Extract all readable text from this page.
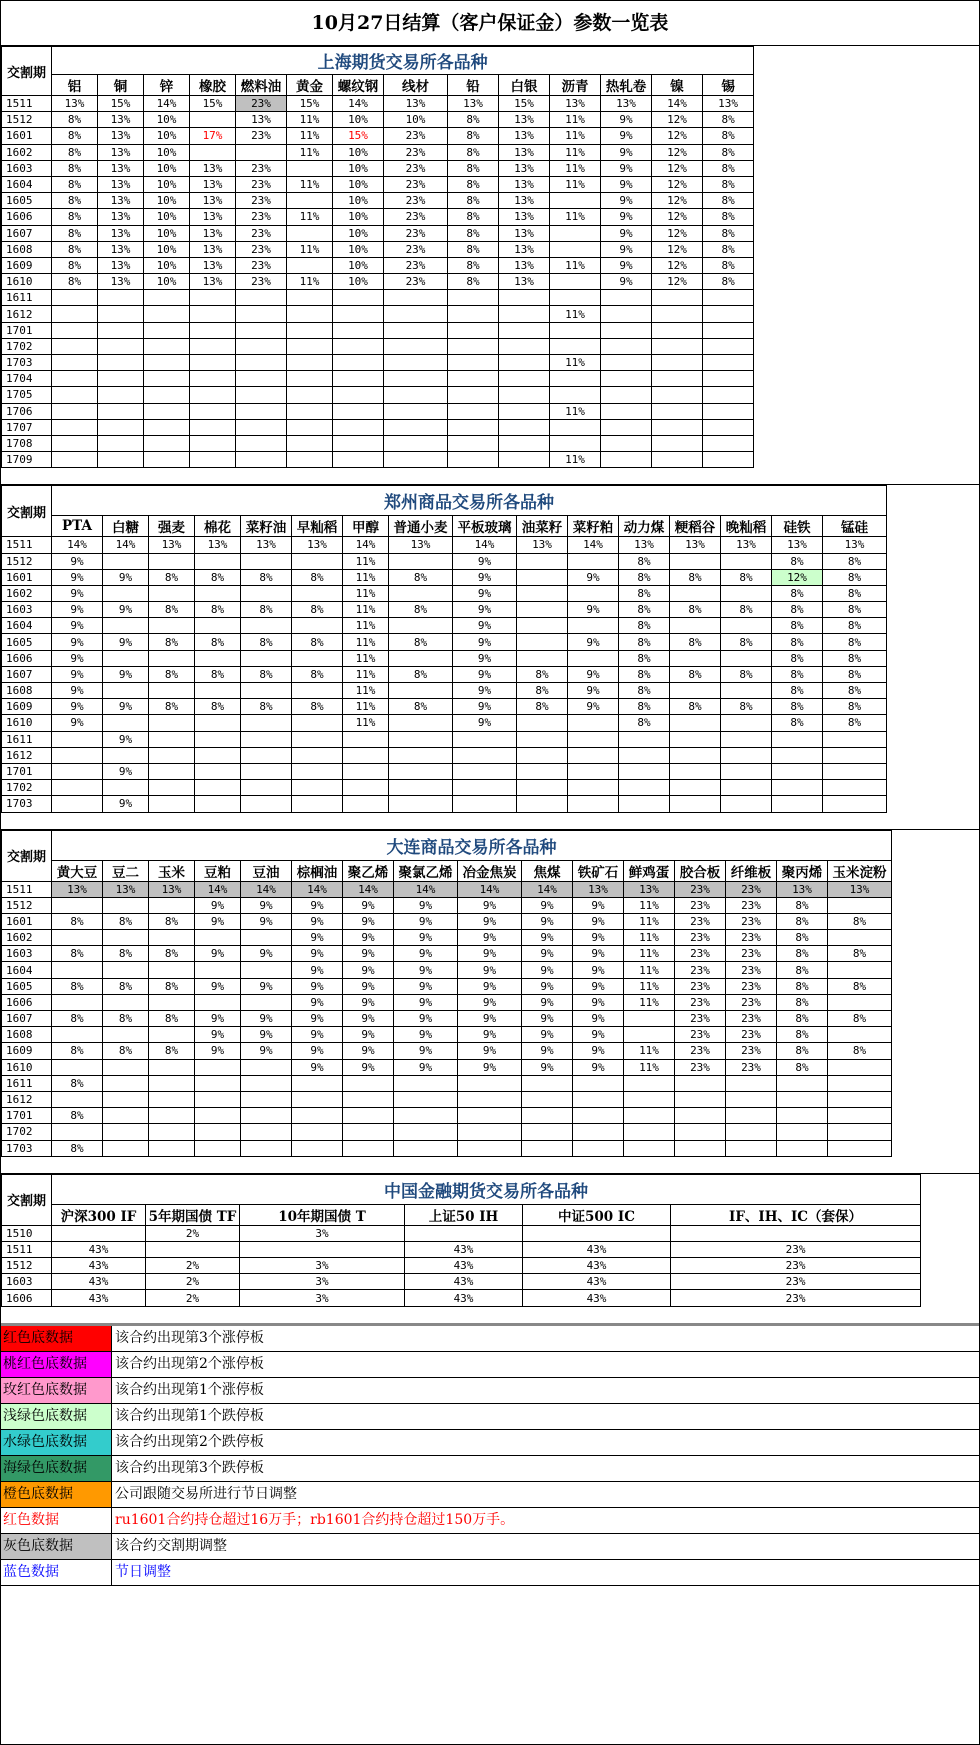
10月27日结算（客户保证金）参数一览表
交割期	上海期货交易所各品种													
	铝	铜	锌	橡胶	燃料油	黄金	螺纹钢	线材	铅	白银	沥青	热轧卷	镍	锡
1511	13%	15%	14%	15%	23%	15%	14%	13%	13%	15%	13%	13%	14%	13%
1512	8%	13%	10%		13%	11%	10%	10%	8%	13%	11%	9%	12%	8%
1601	8%	13%	10%	17%	23%	11%	15%	23%	8%	13%	11%	9%	12%	8%
1602	8%	13%	10%			11%	10%	23%	8%	13%	11%	9%	12%	8%
1603	8%	13%	10%	13%	23%		10%	23%	8%	13%	11%	9%	12%	8%
1604	8%	13%	10%	13%	23%	11%	10%	23%	8%	13%	11%	9%	12%	8%
1605	8%	13%	10%	13%	23%		10%	23%	8%	13%		9%	12%	8%
1606	8%	13%	10%	13%	23%	11%	10%	23%	8%	13%	11%	9%	12%	8%
1607	8%	13%	10%	13%	23%		10%	23%	8%	13%		9%	12%	8%
1608	8%	13%	10%	13%	23%	11%	10%	23%	8%	13%		9%	12%	8%
1609	8%	13%	10%	13%	23%		10%	23%	8%	13%	11%	9%	12%	8%
1610	8%	13%	10%	13%	23%	11%	10%	23%	8%	13%		9%	12%	8%
1611														
1612											11%			
1701														
1702														
1703											11%			
1704														
1705														
1706											11%			
1707														
1708														
1709											11%			
交割期	郑州商品交易所各品种															
	PTA	白糖	强麦	棉花	菜籽油	早籼稻	甲醇	普通小麦	平板玻璃	油菜籽	菜籽粕	动力煤	粳稻谷	晚籼稻	硅铁	锰硅
1511	14%	14%	13%	13%	13%	13%	14%	13%	14%	13%	14%	13%	13%	13%	13%	13%
1512	9%						11%		9%			8%			8%	8%
1601	9%	9%	8%	8%	8%	8%	11%	8%	9%		9%	8%	8%	8%	12%	8%
1602	9%						11%		9%			8%			8%	8%
1603	9%	9%	8%	8%	8%	8%	11%	8%	9%		9%	8%	8%	8%	8%	8%
1604	9%						11%		9%			8%			8%	8%
1605	9%	9%	8%	8%	8%	8%	11%	8%	9%		9%	8%	8%	8%	8%	8%
1606	9%						11%		9%			8%			8%	8%
1607	9%	9%	8%	8%	8%	8%	11%	8%	9%	8%	9%	8%	8%	8%	8%	8%
1608	9%						11%		9%	8%	9%	8%			8%	8%
1609	9%	9%	8%	8%	8%	8%	11%	8%	9%	8%	9%	8%	8%	8%	8%	8%
1610	9%						11%		9%			8%			8%	8%
1611		9%														
1612																
1701		9%														
1702																
1703		9%														
交割期	大连商品交易所各品种															
	黄大豆	豆二	玉米	豆粕	豆油	棕榈油	聚乙烯	聚氯乙烯	冶金焦炭	焦煤	铁矿石	鲜鸡蛋	胶合板	纤维板	聚丙烯	玉米淀粉
1511	13%	13%	13%	14%	14%	14%	14%	14%	14%	14%	13%	13%	23%	23%	13%	13%
1512				9%	9%	9%	9%	9%	9%	9%	9%	11%	23%	23%	8%	
1601	8%	8%	8%	9%	9%	9%	9%	9%	9%	9%	9%	11%	23%	23%	8%	8%
1602						9%	9%	9%	9%	9%	9%	11%	23%	23%	8%	
1603	8%	8%	8%	9%	9%	9%	9%	9%	9%	9%	9%	11%	23%	23%	8%	8%
1604						9%	9%	9%	9%	9%	9%	11%	23%	23%	8%	
1605	8%	8%	8%	9%	9%	9%	9%	9%	9%	9%	9%	11%	23%	23%	8%	8%
1606						9%	9%	9%	9%	9%	9%	11%	23%	23%	8%	
1607	8%	8%	8%	9%	9%	9%	9%	9%	9%	9%	9%		23%	23%	8%	8%
1608				9%	9%	9%	9%	9%	9%	9%	9%		23%	23%	8%	
1609	8%	8%	8%	9%	9%	9%	9%	9%	9%	9%	9%	11%	23%	23%	8%	8%
1610						9%	9%	9%	9%	9%	9%	11%	23%	23%	8%	
1611	8%															
1612																
1701	8%															
1702																
1703	8%															
交割期	中国金融期货交易所各品种					
	沪深300 IF	5年期国债 TF	10年期国债 T	上证50 IH	中证500 IC	IF、IH、IC（套保）
1510		2%	3%			
1511	43%			43%	43%	23%
1512	43%	2%	3%	43%	43%	23%
1603	43%	2%	3%	43%	43%	23%
1606	43%	2%	3%	43%	43%	23%
红色底数据	该合约出现第3个涨停板
桃红色底数据	该合约出现第2个涨停板
玫红色底数据	该合约出现第1个涨停板
浅绿色底数据	该合约出现第1个跌停板
水绿色底数据	该合约出现第2个跌停板
海绿色底数据	该合约出现第3个跌停板
橙色底数据	公司跟随交易所进行节日调整
红色数据	ru1601合约持仓超过16万手；rb1601合约持仓超过150万手。
灰色底数据	该合约交割期调整
蓝色数据	节日调整
